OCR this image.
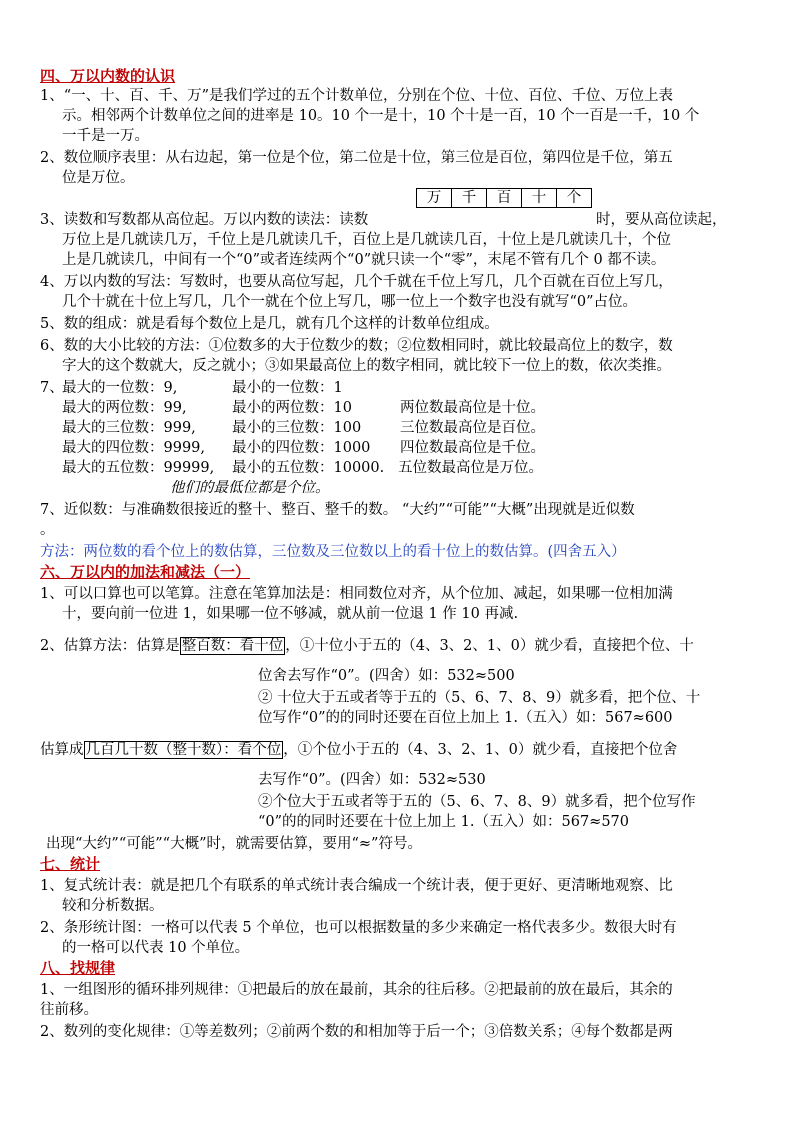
四、万以内数的认识
1、“一、十、百、千、万”是我们学过的五个计数单位，分别在个位、十位、百位、千位、万位上表
示。相邻两个计数单位之间的进率是 10。10 个一是十，10 个十是一百，10 个一百是一千，10 个
一千是一万。
2、数位顺序表里：从右边起，第一位是个位，第二位是十位，第三位是百位，第四位是千位，第五
位是万位。
万	千	百	十	个
3、读数和写数都从高位起。万以内数的读法：读数	时，要从高位读起，
万位上是几就读几万，千位上是几就读几千，百位上是几就读几百，十位上是几就读几十，个位
上是几就读几，中间有一个“0”或者连续两个“0”就只读一个“零”，末尾不管有几个 0 都不读。
4、万以内数的写法：写数时，也要从高位写起，几个千就在千位上写几，几个百就在百位上写几，
几个十就在十位上写几，几个一就在个位上写几，哪一位上一个数字也没有就写“0”占位。
5、数的组成：就是看每个数位上是几，就有几个这样的计数单位组成。
6、数的大小比较的方法：①位数多的大于位数少的数；②位数相同时，就比较最高位上的数字，数
字大的这个数就大，反之就小；③如果最高位上的数字相同，就比较下一位上的数，依次类推。
7、
最大的一位数：9,	最小的一位数：1
最大的两位数：99,	最小的两位数：10	两位数最高位是十位。
最大的三位数：999, 最小的三位数：100	三位数最高位是百位。
最大的四位数：9999, 最小的四位数：1000 四位数最高位是千位。
最大的五位数：99999, 最小的五位数：10000. 五位数最高位是万位。
他们的最低位都是个位。
7、近似数：与准确数很接近的整十、整百、整千的数。 “大约”“可能”“大概”出现就是近似数
。
方法：两位数的看个位上的数估算，三位数及三位数以上的看十位上的数估算。(四舍五入）
六、万以内的加法和减法（一）
1、可以口算也可以笔算。注意在笔算加法是：相同数位对齐，从个位加、减起，如果哪一位相加满
十，要向前一位进 1，如果哪一位不够减，就从前一位退 1 作 10 再减.
2、估算方法：估算是 整百数：看十位 ，①十位小于五的（4、3、2、1、0）就少看，直接把个位、十
位舍去写作“0”。(四舍）如：532≈500
② 十位大于五或者等于五的（5、6、7、8、9）就多看，把个位、十
位写作“0”的的同时还要在百位上加上 1.（五入）如：567≈600
估算成 几百几十数（整十数）：看个位 ，①个位小于五的（4、3、2、1、0）就少看，直接把个位舍
去写作“0”。(四舍）如：532≈530
②个位大于五或者等于五的（5、6、7、8、9）就多看，把个位写作
“0”的的同时还要在十位上加上 1.（五入）如：567≈570
出现“大约”“可能”“大概”时，就需要估算，要用“≈”符号。
七、统计
1、复式统计表：就是把几个有联系的单式统计表合编成一个统计表，便于更好、更清晰地观察、比
较和分析数据。
2、条形统计图：一格可以代表 5 个单位，也可以根据数量的多少来确定一格代表多少。数很大时有
的一格可以代表 10 个单位。
八、找规律
1、一组图形的循环排列规律：①把最后的放在最前，其余的往后移。②把最前的放在最后，其余的
往前移。
2、数列的变化规律：①等差数列；②前两个数的和相加等于后一个；③倍数关系；④每个数都是两
